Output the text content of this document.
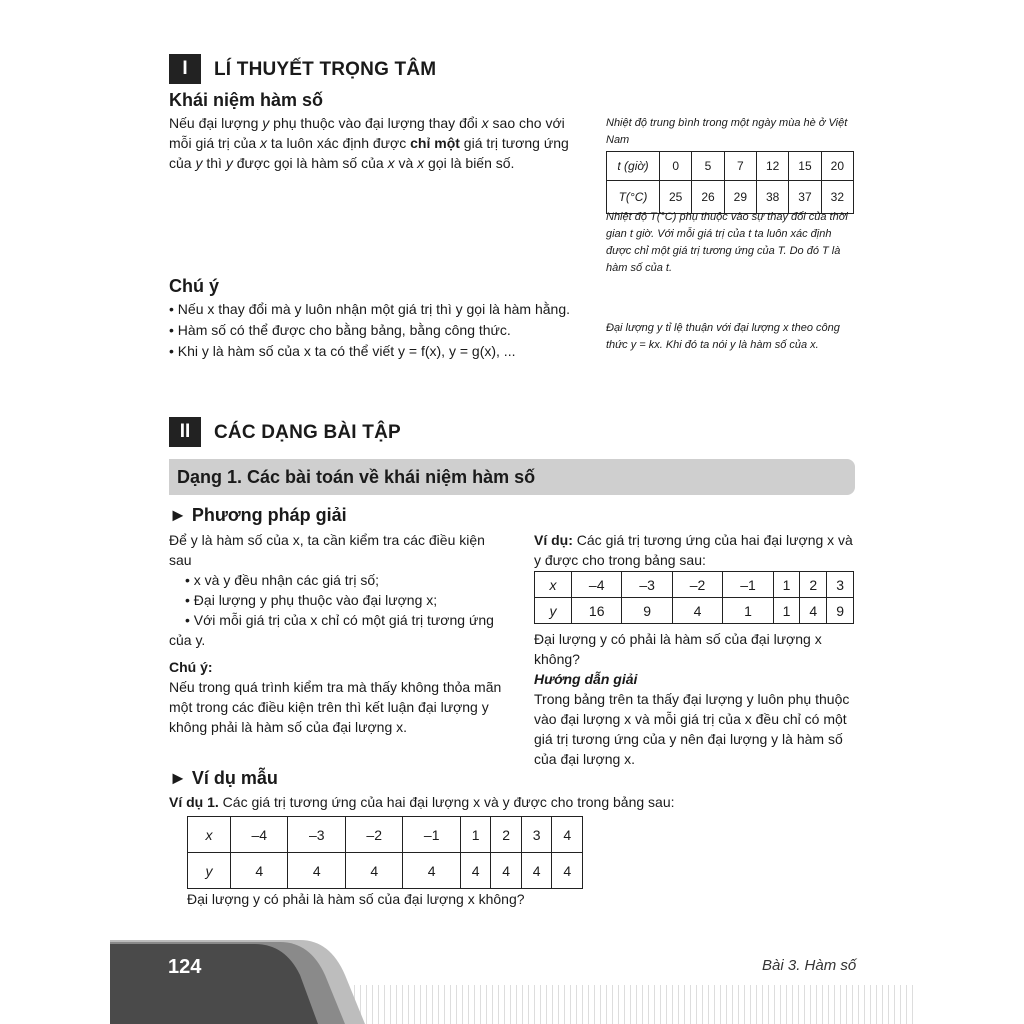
I	LÍ THUYẾT TRỌNG TÂM
Khái niệm hàm số
Nếu đại lượng y phụ thuộc vào đại lượng thay đổi x sao cho với
mỗi giá trị của x ta luôn xác định được chỉ một giá trị tương ứng
của y thì y được gọi là hàm số của x và x gọi là biến số.
Nhiệt độ trung bình trong một ngày mùa hè ở Việt Nam
t (giờ)	0	5	7	12	15	20
T(°C)	25	26	29	38	37	32
Nhiệt độ T(°C) phụ thuộc vào sự thay đổi của thời gian t giờ. Với mỗi giá trị của t ta luôn xác định được chỉ một giá trị tương ứng của T. Do đó T là hàm số của t.
Chú ý
• Nếu x thay đổi mà y luôn nhận một giá trị thì y gọi là hàm hằng.
• Hàm số có thể được cho bằng bảng, bằng công thức.
• Khi y là hàm số của x ta có thể viết y = f(x), y = g(x), ...
Đại lượng y tỉ lệ thuận với đại lượng x theo công
thức y = kx. Khi đó ta nói y là hàm số của x.
II	CÁC DẠNG BÀI TẬP
Dạng 1. Các bài toán về khái niệm hàm số
► Phương pháp giải
Để y là hàm số của x, ta cần kiểm tra các điều kiện
sau
• x và y đều nhận các giá trị số;
• Đại lượng y phụ thuộc vào đại lượng x;
• Với mỗi giá trị của x chỉ có một giá trị tương ứng
của y.
Chú ý:
Nếu trong quá trình kiểm tra mà thấy không thỏa mãn
một trong các điều kiện trên thì kết luận đại lượng y
không phải là hàm số của đại lượng x.
Ví dụ: Các giá trị tương ứng của hai đại lượng x và
y được cho trong bảng sau:
x	–4	–3	–2	–1	1	2	3
y	16	9	4	1	1	4	9
Đại lượng y có phải là hàm số của đại lượng x không?
Hướng dẫn giải
Trong bảng trên ta thấy đại lượng y luôn phụ thuộc
vào đại lượng x và mỗi giá trị của x đều chỉ có một
giá trị tương ứng của y nên đại lượng y là hàm số
của đại lượng x.
► Ví dụ mẫu
Ví dụ 1. Các giá trị tương ứng của hai đại lượng x và y được cho trong bảng sau:
x	–4	–3	–2	–1	1	2	3	4
y	4	4	4	4	4	4	4	4
Đại lượng y có phải là hàm số của đại lượng x không?
124	Bài 3. Hàm số
